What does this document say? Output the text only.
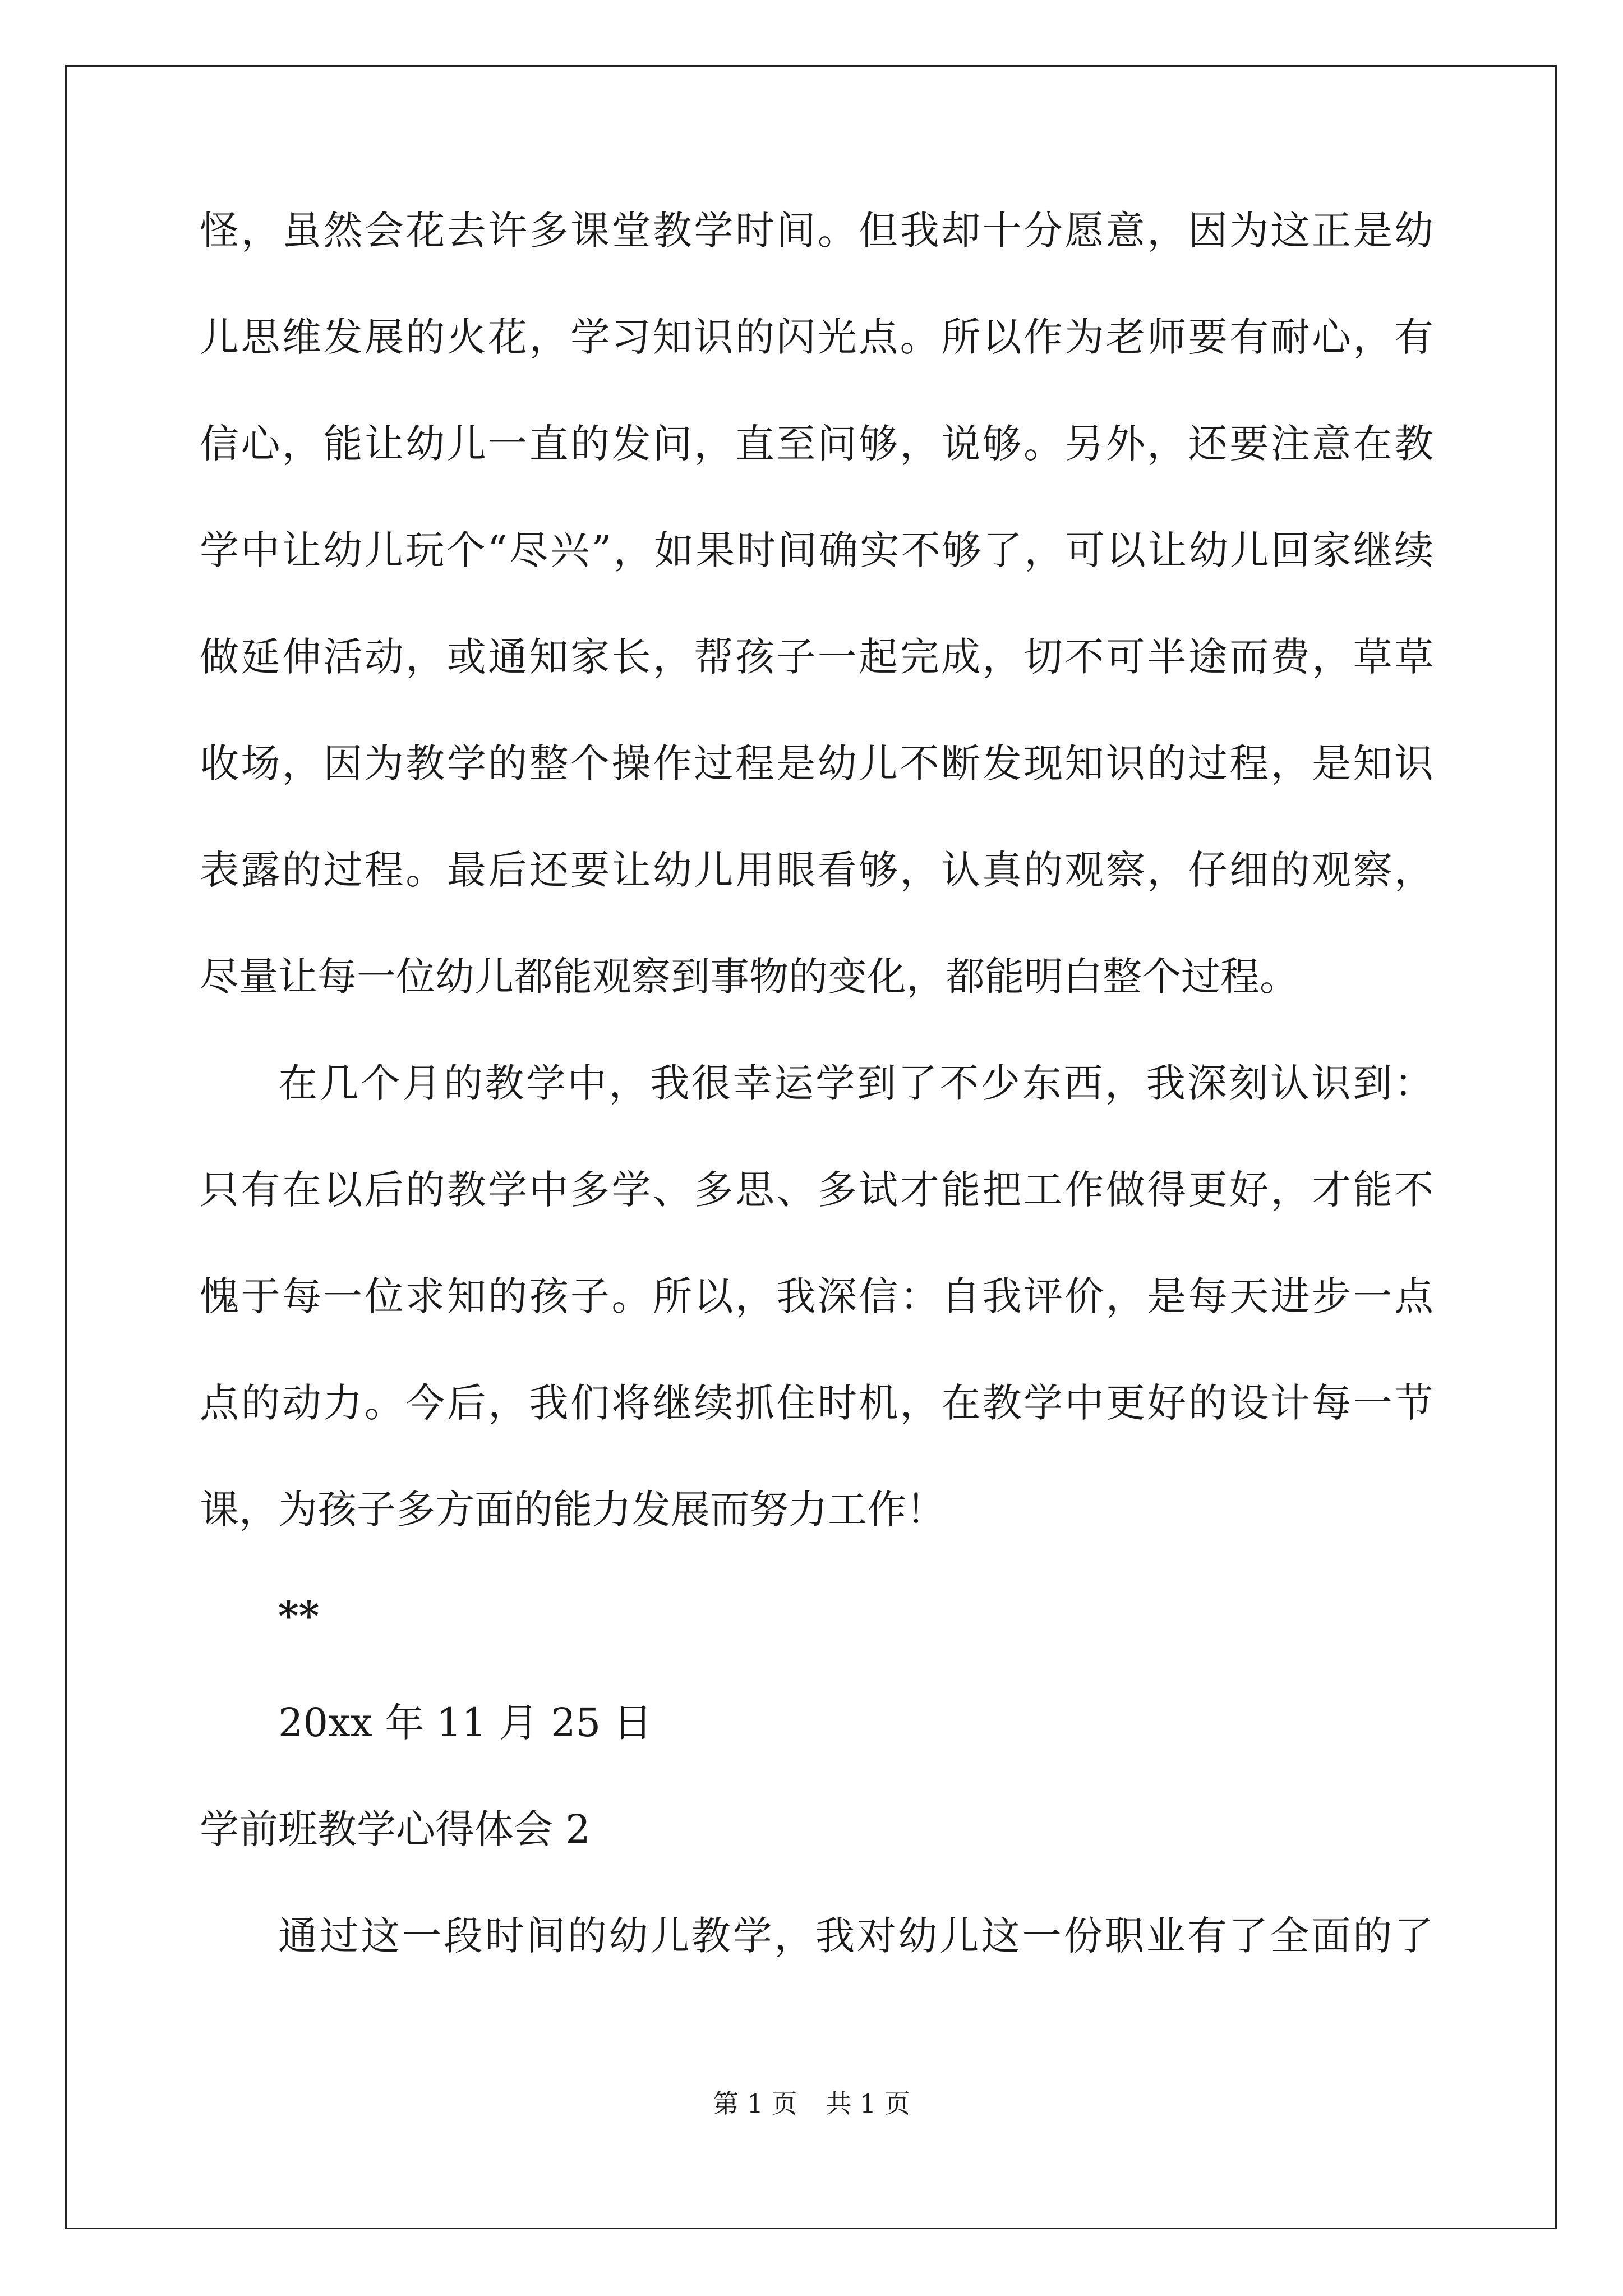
怪，虽然会花去许多课堂教学时间。但我却十分愿意，因为这正是幼
儿思维发展的火花，学习知识的闪光点。所以作为老师要有耐心，有
信心，能让幼儿一直的发问，直至问够，说够。另外，还要注意在教
学中让幼儿玩个“尽兴”，如果时间确实不够了，可以让幼儿回家继续
做延伸活动，或通知家长，帮孩子一起完成，切不可半途而费，草草
收场，因为教学的整个操作过程是幼儿不断发现知识的过程，是知识
表露的过程。最后还要让幼儿用眼看够，认真的观察，仔细的观察，
尽量让每一位幼儿都能观察到事物的变化，都能明白整个过程。
在几个月的教学中，我很幸运学到了不少东西，我深刻认识到：
只有在以后的教学中多学、多思、多试才能把工作做得更好，才能不
愧于每一位求知的孩子。所以，我深信：自我评价，是每天进步一点
点的动力。今后，我们将继续抓住时机，在教学中更好的设计每一节
课，为孩子多方面的能力发展而努力工作！
**
20xx 年 11 月 25 日
学前班教学心得体会 2
通过这一段时间的幼儿教学，我对幼儿这一份职业有了全面的了
第 1 页 共 1 页
